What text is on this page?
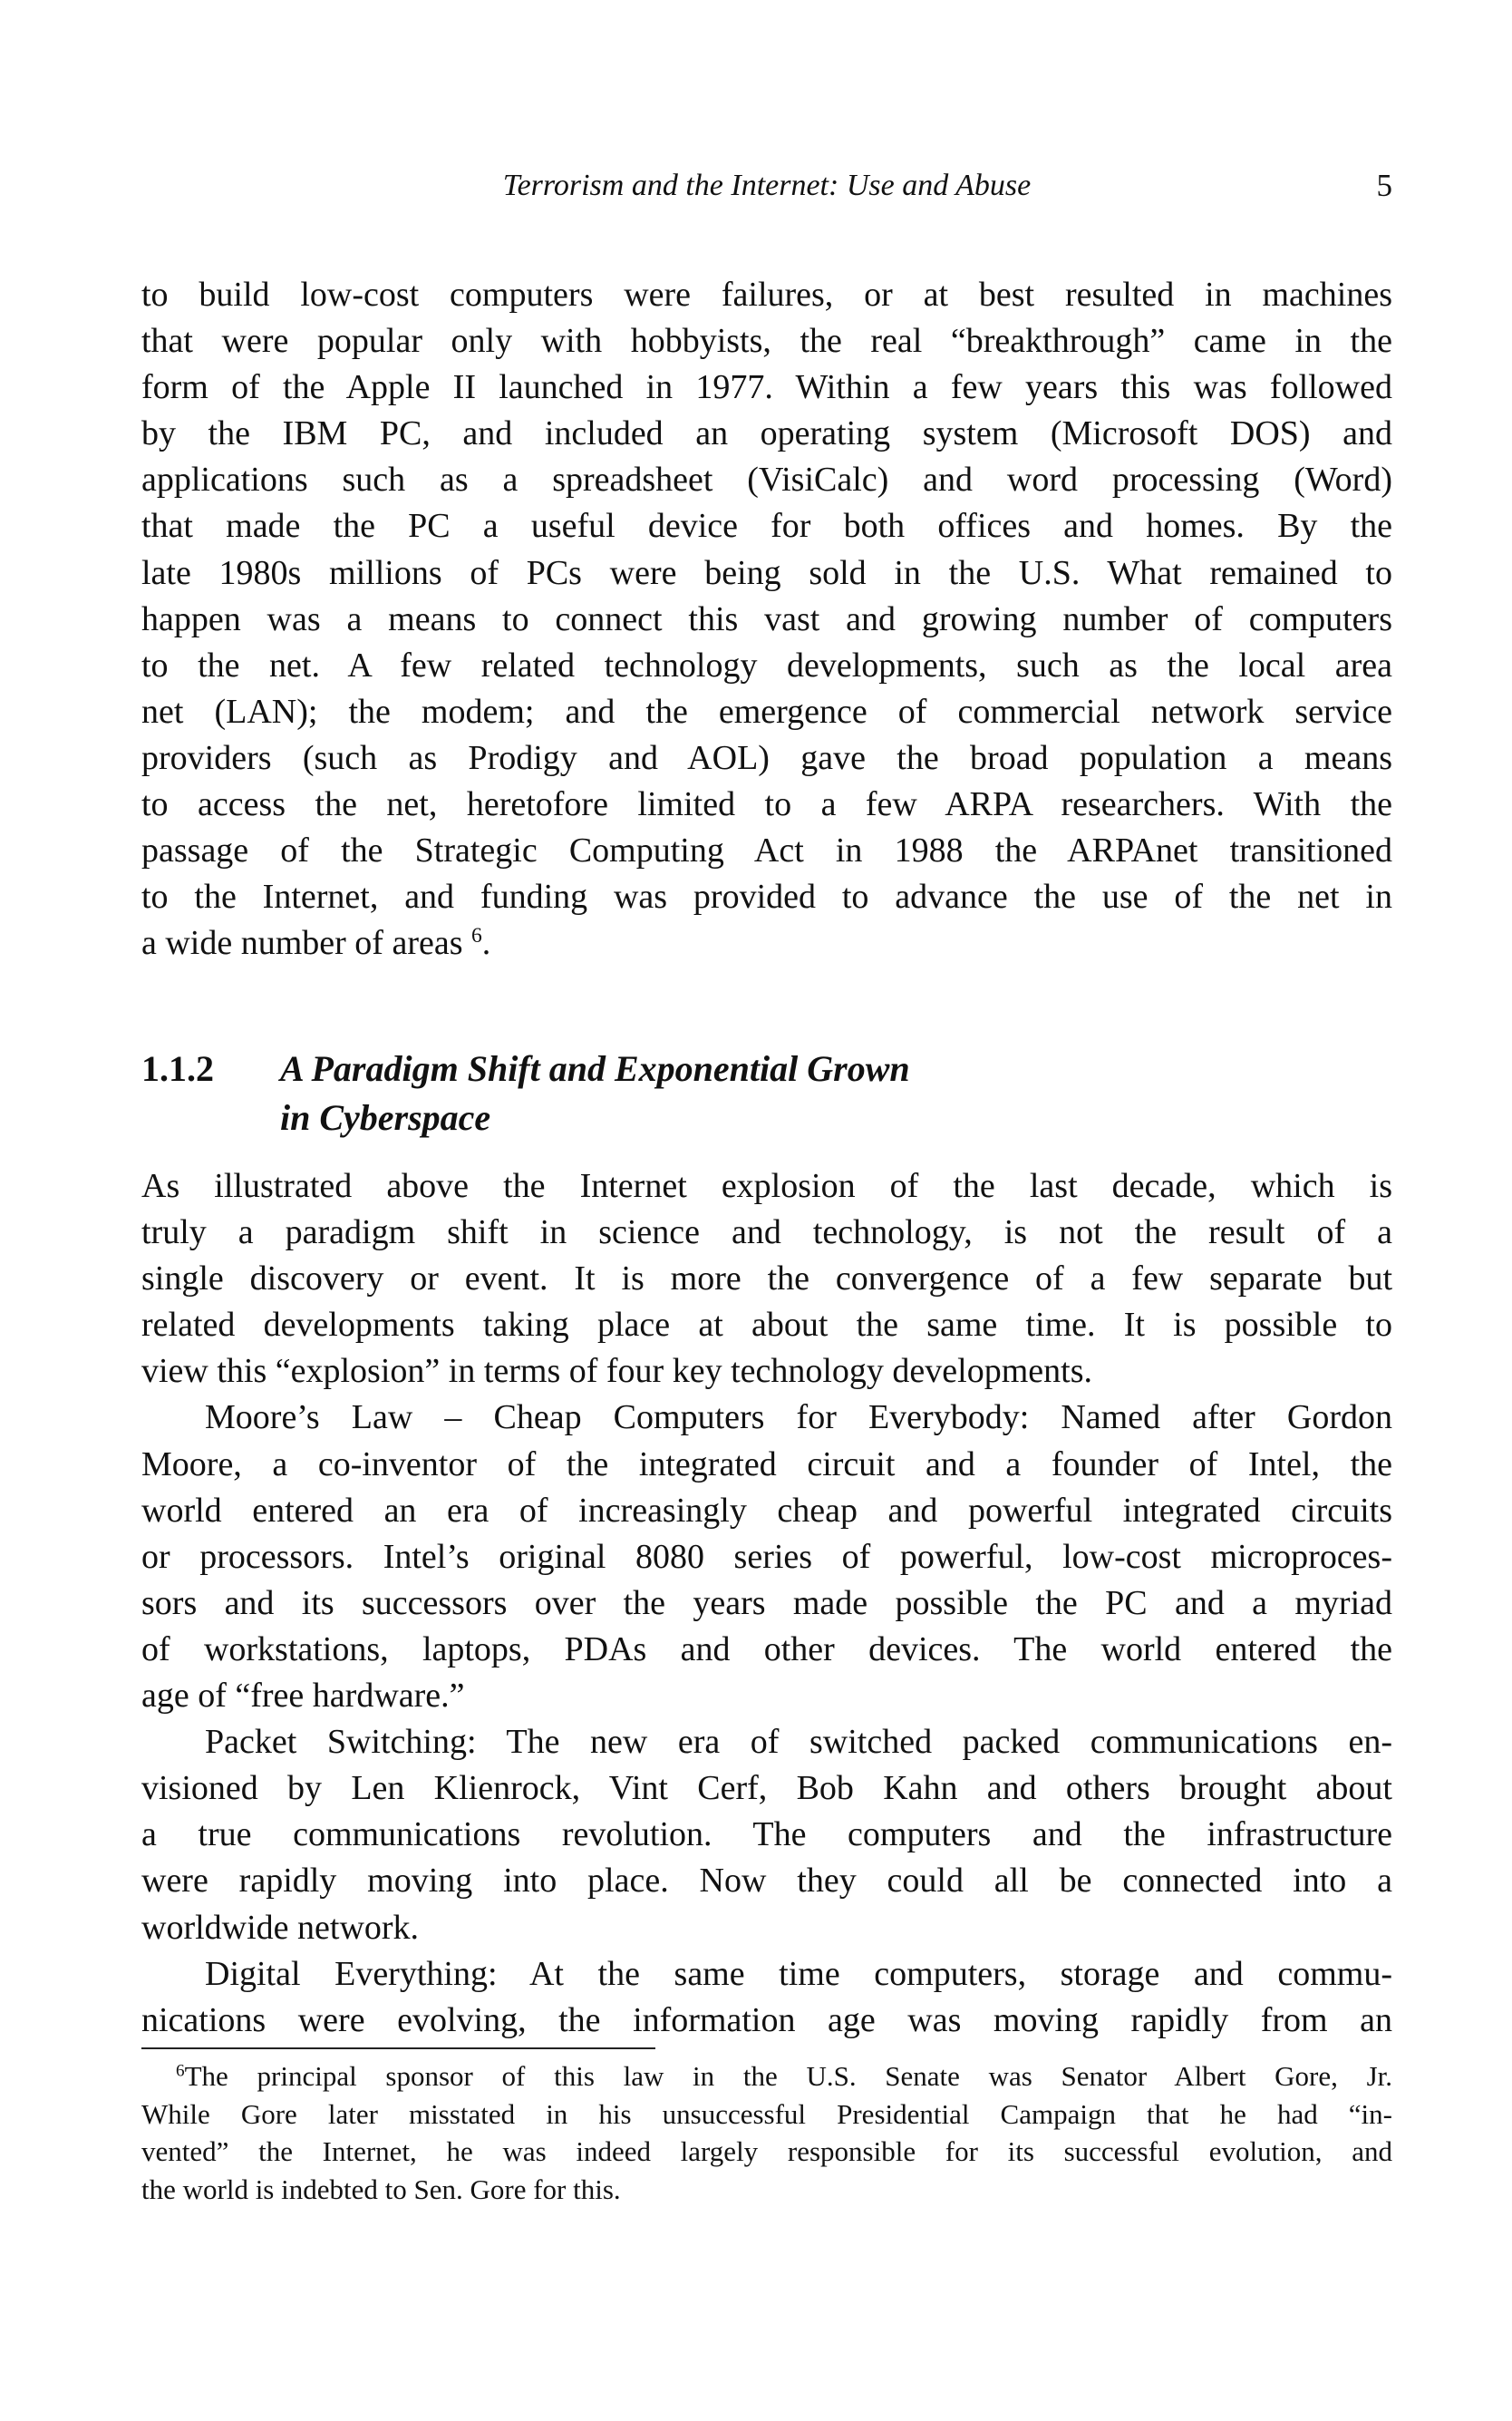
Terrorism and the Internet: Use and Abuse	5
to build low-cost computers were failures, or at best resulted in machines
that were popular only with hobbyists, the real “breakthrough” came in the
form of the Apple II launched in 1977. Within a few years this was followed
by the IBM PC, and included an operating system (Microsoft DOS) and
applications such as a spreadsheet (VisiCalc) and word processing (Word)
that made the PC a useful device for both offices and homes. By the
late 1980s millions of PCs were being sold in the U.S. What remained to
happen was a means to connect this vast and growing number of computers
to the net. A few related technology developments, such as the local area
net (LAN); the modem; and the emergence of commercial network service
providers (such as Prodigy and AOL) gave the broad population a means
to access the net, heretofore limited to a few ARPA researchers. With the
passage of the Strategic Computing Act in 1988 the ARPAnet transitioned
to the Internet, and funding was provided to advance the use of the net in
a wide number of areas $^6$.
1.1.2 A Paradigm Shift and Exponential Grown
in Cyberspace
As illustrated above the Internet explosion of the last decade, which is
truly a paradigm shift in science and technology, is not the result of a
single discovery or event. It is more the convergence of a few separate but
related developments taking place at about the same time. It is possible to
view this “explosion” in terms of four key technology developments.
Moore’s Law – Cheap Computers for Everybody: Named after Gordon
Moore, a co-inventor of the integrated circuit and a founder of Intel, the
world entered an era of increasingly cheap and powerful integrated circuits
or processors. Intel’s original 8080 series of powerful, low-cost microproces-
sors and its successors over the years made possible the PC and a myriad
of workstations, laptops, PDAs and other devices. The world entered the
age of “free hardware.”
Packet Switching: The new era of switched packed communications en-
visioned by Len Klienrock, Vint Cerf, Bob Kahn and others brought about
a true communications revolution. The computers and the infrastructure
were rapidly moving into place. Now they could all be connected into a
worldwide network.
Digital Everything: At the same time computers, storage and commu-
nications were evolving, the information age was moving rapidly from an
$^6$The principal sponsor of this law in the U.S. Senate was Senator Albert Gore, Jr.
While Gore later misstated in his unsuccessful Presidential Campaign that he had “in-
vented” the Internet, he was indeed largely responsible for its successful evolution, and
the world is indebted to Sen. Gore for this.
